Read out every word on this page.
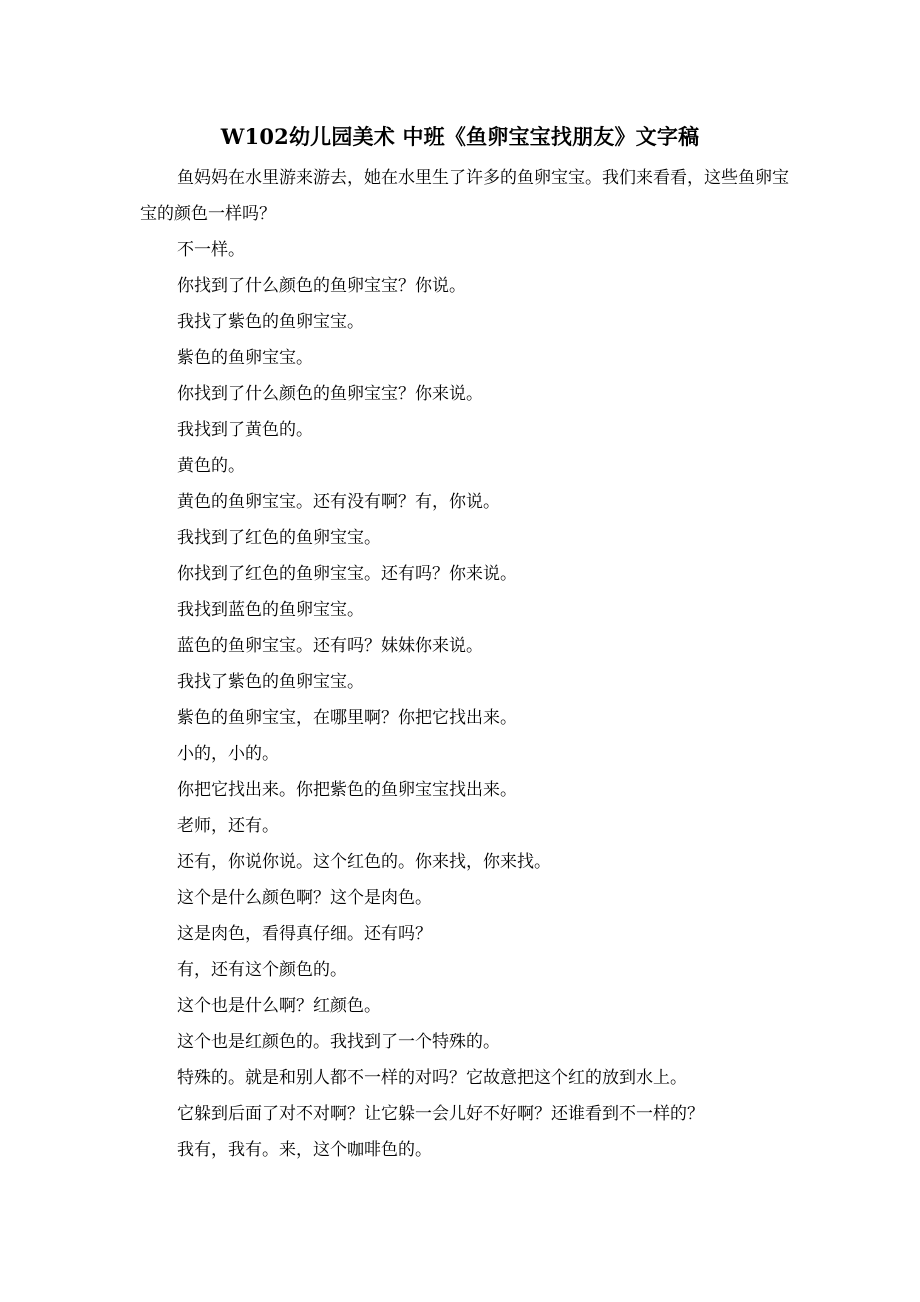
W102幼儿园美术 中班《鱼卵宝宝找朋友》文字稿

鱼妈妈在水里游来游去，她在水里生了许多的鱼卵宝宝。我们来看看，这些鱼卵宝宝的颜色一样吗？

不一样。

你找到了什么颜色的鱼卵宝宝？你说。

我找了紫色的鱼卵宝宝。

紫色的鱼卵宝宝。

你找到了什么颜色的鱼卵宝宝？你来说。

我找到了黄色的。

黄色的。

黄色的鱼卵宝宝。还有没有啊？有，你说。

我找到了红色的鱼卵宝宝。

你找到了红色的鱼卵宝宝。还有吗？你来说。

我找到蓝色的鱼卵宝宝。

蓝色的鱼卵宝宝。还有吗？妹妹你来说。

我找了紫色的鱼卵宝宝。

紫色的鱼卵宝宝，在哪里啊？你把它找出来。

小的，小的。

你把它找出来。你把紫色的鱼卵宝宝找出来。

老师，还有。

还有，你说你说。这个红色的。你来找，你来找。

这个是什么颜色啊？这个是肉色。

这是肉色，看得真仔细。还有吗？

有，还有这个颜色的。

这个也是什么啊？红颜色。

这个也是红颜色的。我找到了一个特殊的。

特殊的。就是和别人都不一样的对吗？它故意把这个红的放到水上。

它躲到后面了对不对啊？让它躲一会儿好不好啊？还谁看到不一样的？

我有，我有。来，这个咖啡色的。
